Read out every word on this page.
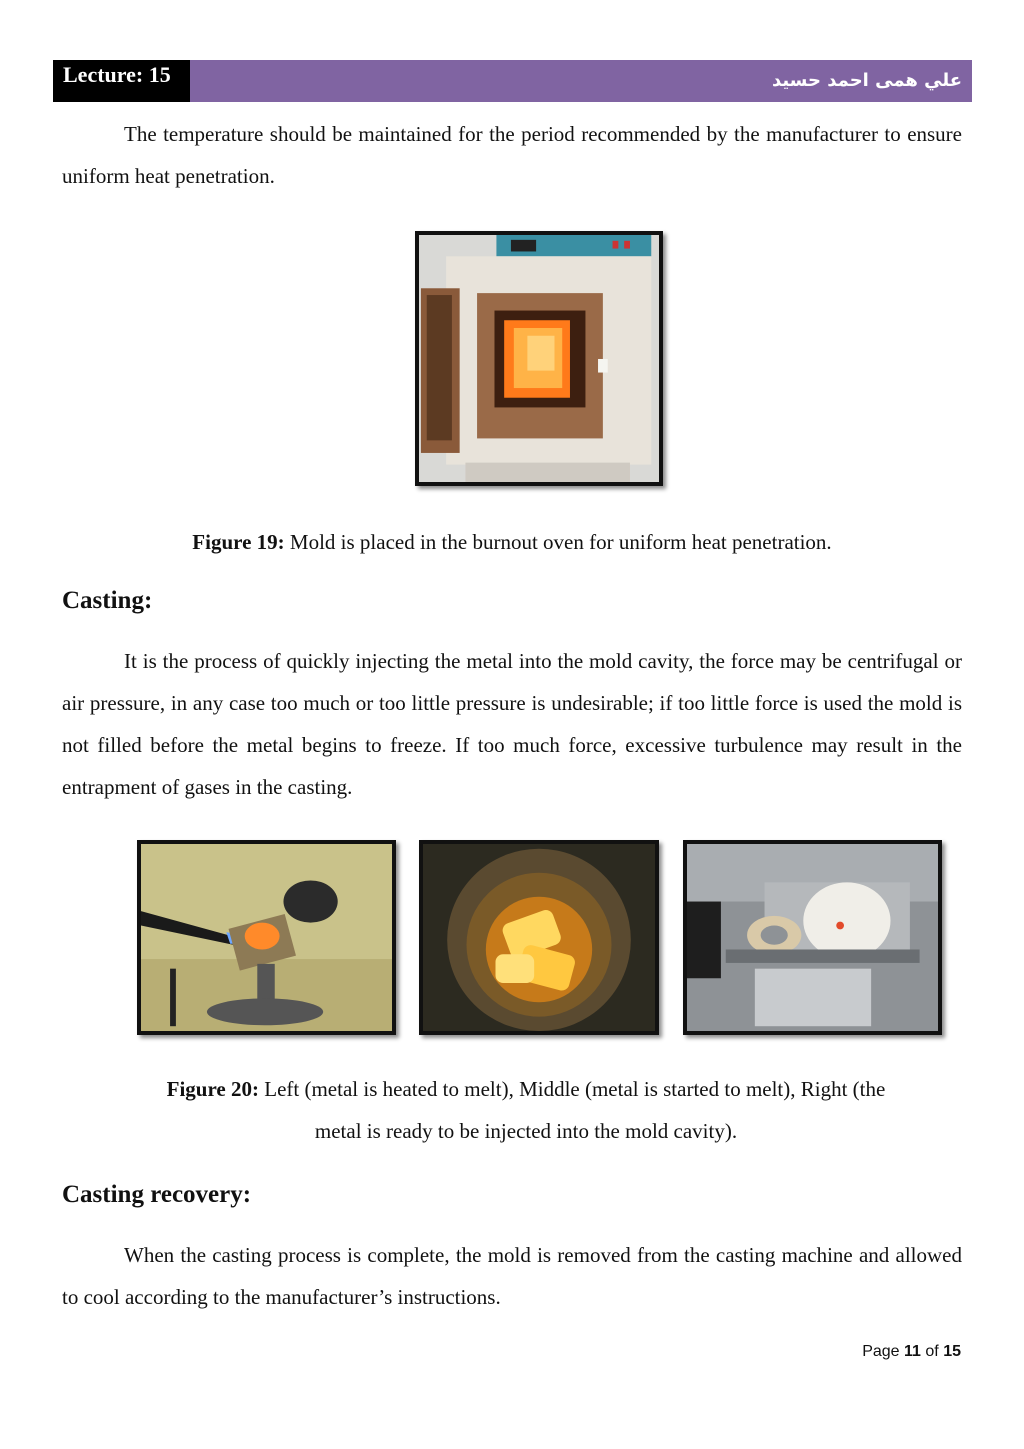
Lecture: 15	علي همى احمد حسيد

The temperature should be maintained for the period recommended by the manufacturer to ensure uniform heat penetration.

Figure 19: Mold is placed in the burnout oven for uniform heat penetration.

Casting:

It is the process of quickly injecting the metal into the mold cavity, the force may be centrifugal or air pressure, in any case too much or too little pressure is undesirable; if too little force is used the mold is not filled before the metal begins to freeze. If too much force, excessive turbulence may result in the entrapment of gases in the casting.

Figure 20: Left (metal is heated to melt), Middle (metal is started to melt), Right (the

metal is ready to be injected into the mold cavity).

Casting recovery:

When the casting process is complete, the mold is removed from the casting machine and allowed to cool according to the manufacturer’s instructions.

Page 11 of 15
